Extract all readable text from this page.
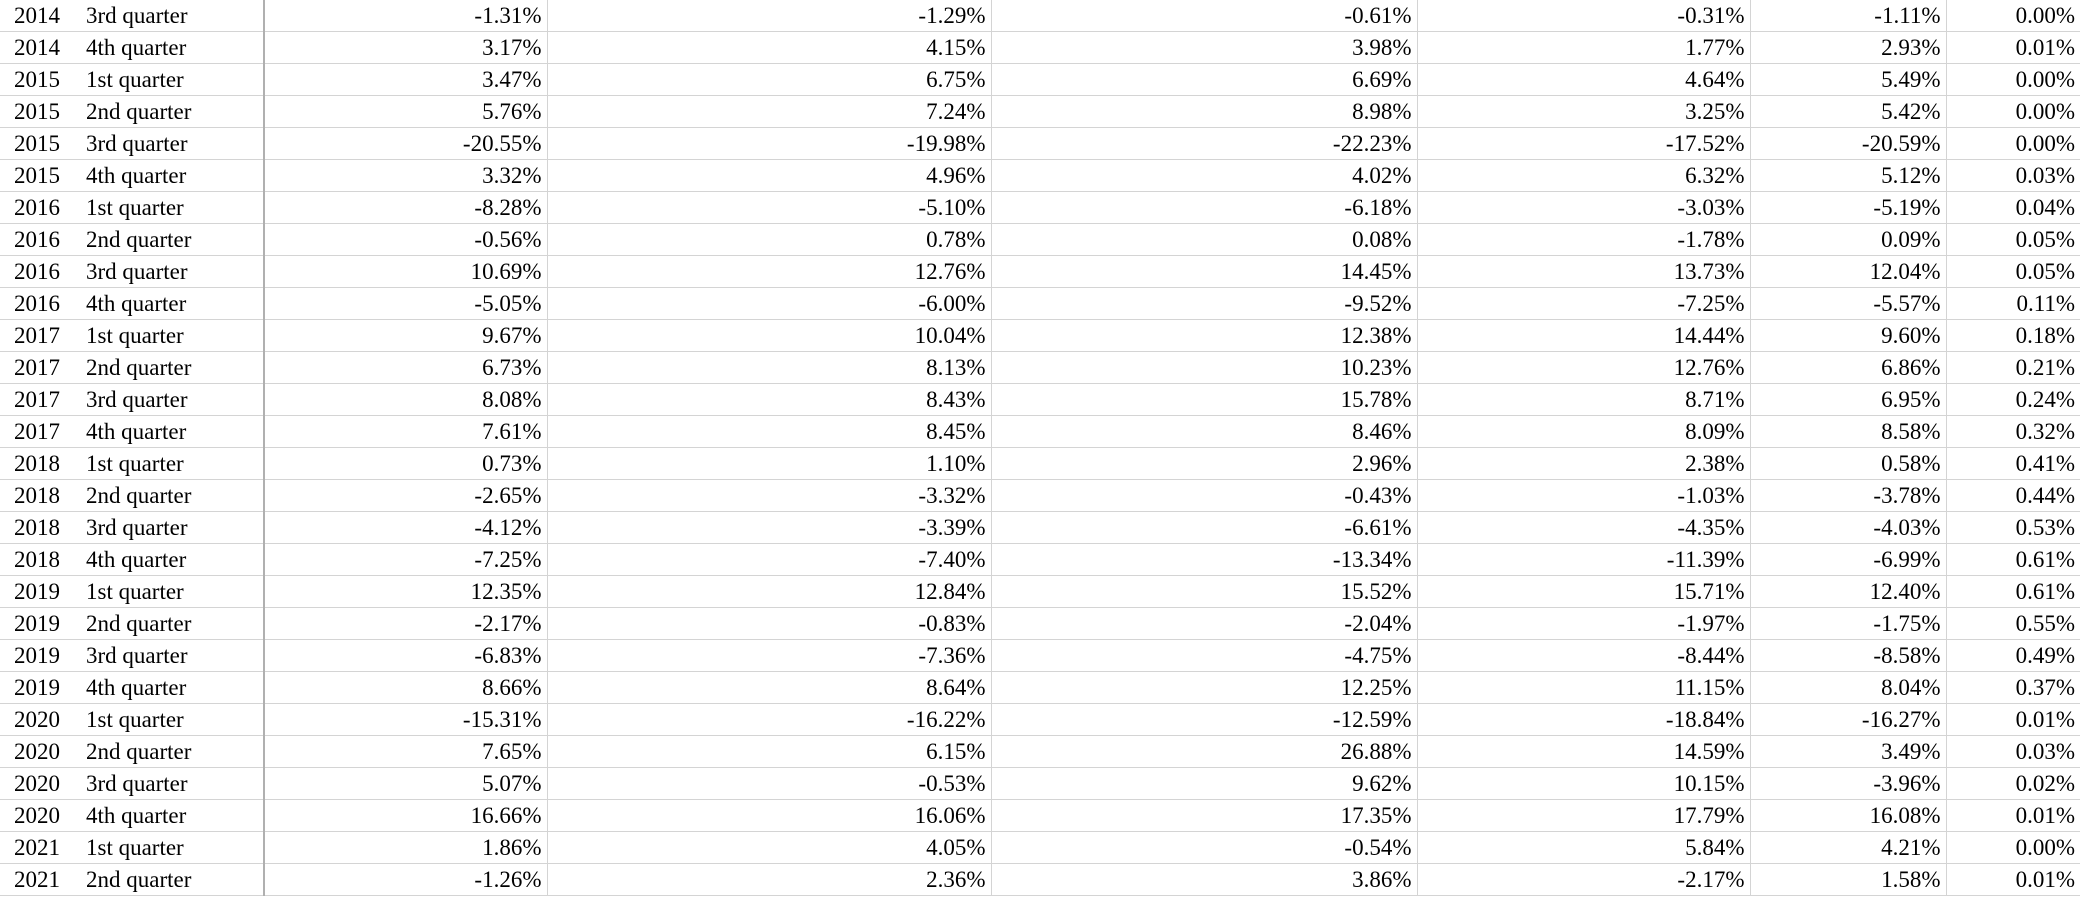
2014 3rd quarter	-1.31%	-1.29%	-0.61%	-0.31%	-1.11%	0.00%
2014 4th quarter	3.17%	4.15%	3.98%	1.77%	2.93%	0.01%
2015 1st quarter	3.47%	6.75%	6.69%	4.64%	5.49%	0.00%
2015 2nd quarter	5.76%	7.24%	8.98%	3.25%	5.42%	0.00%
2015 3rd quarter	-20.55%	-19.98%	-22.23%	-17.52%	-20.59%	0.00%
2015 4th quarter	3.32%	4.96%	4.02%	6.32%	5.12%	0.03%
2016 1st quarter	-8.28%	-5.10%	-6.18%	-3.03%	-5.19%	0.04%
2016 2nd quarter	-0.56%	0.78%	0.08%	-1.78%	0.09%	0.05%
2016 3rd quarter	10.69%	12.76%	14.45%	13.73%	12.04%	0.05%
2016 4th quarter	-5.05%	-6.00%	-9.52%	-7.25%	-5.57%	0.11%
2017 1st quarter	9.67%	10.04%	12.38%	14.44%	9.60%	0.18%
2017 2nd quarter	6.73%	8.13%	10.23%	12.76%	6.86%	0.21%
2017 3rd quarter	8.08%	8.43%	15.78%	8.71%	6.95%	0.24%
2017 4th quarter	7.61%	8.45%	8.46%	8.09%	8.58%	0.32%
2018 1st quarter	0.73%	1.10%	2.96%	2.38%	0.58%	0.41%
2018 2nd quarter	-2.65%	-3.32%	-0.43%	-1.03%	-3.78%	0.44%
2018 3rd quarter	-4.12%	-3.39%	-6.61%	-4.35%	-4.03%	0.53%
2018 4th quarter	-7.25%	-7.40%	-13.34%	-11.39%	-6.99%	0.61%
2019 1st quarter	12.35%	12.84%	15.52%	15.71%	12.40%	0.61%
2019 2nd quarter	-2.17%	-0.83%	-2.04%	-1.97%	-1.75%	0.55%
2019 3rd quarter	-6.83%	-7.36%	-4.75%	-8.44%	-8.58%	0.49%
2019 4th quarter	8.66%	8.64%	12.25%	11.15%	8.04%	0.37%
2020 1st quarter	-15.31%	-16.22%	-12.59%	-18.84%	-16.27%	0.01%
2020 2nd quarter	7.65%	6.15%	26.88%	14.59%	3.49%	0.03%
2020 3rd quarter	5.07%	-0.53%	9.62%	10.15%	-3.96%	0.02%
2020 4th quarter	16.66%	16.06%	17.35%	17.79%	16.08%	0.01%
2021 1st quarter	1.86%	4.05%	-0.54%	5.84%	4.21%	0.00%
2021 2nd quarter	-1.26%	2.36%	3.86%	-2.17%	1.58%	0.01%
